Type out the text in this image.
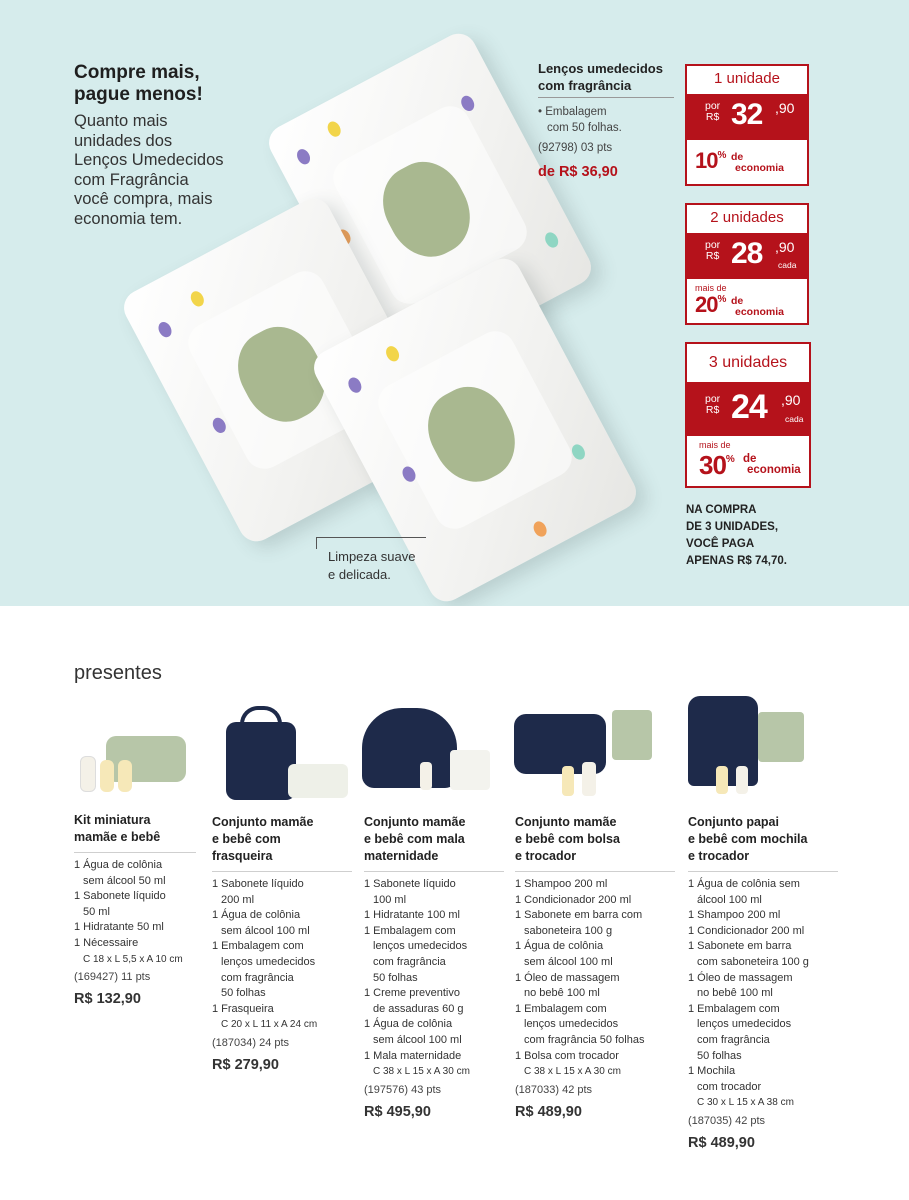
Compre mais,
pague menos!
Quanto mais
unidades dos
Lenços Umedecidos
com Fragrância
você compra, mais
economia tem.
Limpeza suave
e delicada.
Lenços umedecidos
com fragrância
• Embalagem
com 50 folhas.
(92798) 03 pts
de R$ 36,90
1 unidade
por
R$ 32 ,90
10% de
economia
2 unidades
por
R$ 28 ,90
cada
mais de
20% de
economia
3 unidades
por
R$ 24 ,90
cada
mais de
30% de
economia
NA COMPRA
DE 3 UNIDADES,
VOCÊ PAGA
APENAS R$ 74,70.
presentes
Kit miniatura
mamãe e bebê
1 Água de colônia
sem álcool 50 ml
1 Sabonete líquido
50 ml
1 Hidratante 50 ml
1 Nécessaire
C 18 x L 5,5 x A 10 cm
(169427) 11 pts
R$ 132,90
Conjunto mamãe
e bebê com
frasqueira
1 Sabonete líquido
200 ml
1 Água de colônia
sem álcool 100 ml
1 Embalagem com
lenços umedecidos
com fragrância
50 folhas
1 Frasqueira
C 20 x L 11 x A 24 cm
(187034) 24 pts
R$ 279,90
Conjunto mamãe
e bebê com mala
maternidade
1 Sabonete líquido
100 ml
1 Hidratante 100 ml
1 Embalagem com
lenços umedecidos
com fragrância
50 folhas
1 Creme preventivo
de assaduras 60 g
1 Água de colônia
sem álcool 100 ml
1 Mala maternidade
C 38 x L 15 x A 30 cm
(197576) 43 pts
R$ 495,90
Conjunto mamãe
e bebê com bolsa
e trocador
1 Shampoo 200 ml
1 Condicionador 200 ml
1 Sabonete em barra com
saboneteira 100 g
1 Água de colônia
sem álcool 100 ml
1 Óleo de massagem
no bebê 100 ml
1 Embalagem com
lenços umedecidos
com fragrância 50 folhas
1 Bolsa com trocador
C 38 x L 15 x A 30 cm
(187033) 42 pts
R$ 489,90
Conjunto papai
e bebê com mochila
e trocador
1 Água de colônia sem
álcool 100 ml
1 Shampoo 200 ml
1 Condicionador 200 ml
1 Sabonete em barra
com saboneteira 100 g
1 Óleo de massagem
no bebê 100 ml
1 Embalagem com
lenços umedecidos
com fragrância
50 folhas
1 Mochila
com trocador
C 30 x L 15 x A 38 cm
(187035) 42 pts
R$ 489,90
